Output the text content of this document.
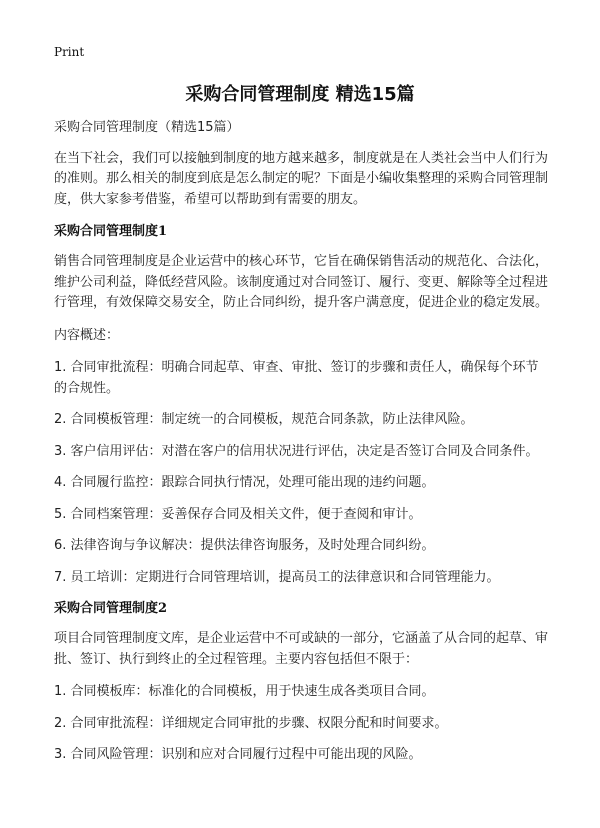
Print
采购合同管理制度 精选15篇

采购合同管理制度（精选15篇）

在当下社会，我们可以接触到制度的地方越来越多，制度就是在人类社会当中人们行为的准则。那么相关的制度到底是怎么制定的呢？下面是小编收集整理的采购合同管理制度，供大家参考借鉴，希望可以帮助到有需要的朋友。

采购合同管理制度1

销售合同管理制度是企业运营中的核心环节，它旨在确保销售活动的规范化、合法化，维护公司利益，降低经营风险。该制度通过对合同签订、履行、变更、解除等全过程进行管理，有效保障交易安全，防止合同纠纷，提升客户满意度，促进企业的稳定发展。

内容概述：

1. 合同审批流程：明确合同起草、审查、审批、签订的步骤和责任人，确保每个环节的合规性。

2. 合同模板管理：制定统一的合同模板，规范合同条款，防止法律风险。

3. 客户信用评估：对潜在客户的信用状况进行评估，决定是否签订合同及合同条件。

4. 合同履行监控：跟踪合同执行情况，处理可能出现的违约问题。

5. 合同档案管理：妥善保存合同及相关文件，便于查阅和审计。

6. 法律咨询与争议解决：提供法律咨询服务，及时处理合同纠纷。

7. 员工培训：定期进行合同管理培训，提高员工的法律意识和合同管理能力。

采购合同管理制度2

项目合同管理制度文库，是企业运营中不可或缺的一部分，它涵盖了从合同的起草、审批、签订、执行到终止的全过程管理。主要内容包括但不限于：

1. 合同模板库：标准化的合同模板，用于快速生成各类项目合同。

2. 合同审批流程：详细规定合同审批的步骤、权限分配和时间要求。

3. 合同风险管理：识别和应对合同履行过程中可能出现的风险。
